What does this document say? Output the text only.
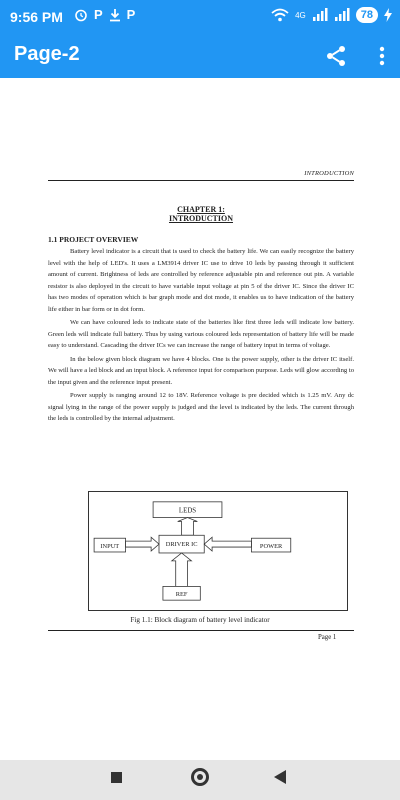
9:56 PM P P	4G	78
Page-2
INTRODUCTION
CHAPTER 1:
INTRODUCTION
1.1 PROJECT OVERVIEW

Battery level indicator is a circuit that is used to check the battery life. We can easily recognize the battery level with the help of LED's. It uses a LM3914 driver IC use to drive 10 leds by passing through it sufficient amount of current. Brightness of leds are controlled by reference adjustable pin and reference out pin. A variable resistor is also deployed in the circuit to have variable input voltage at pin 5 of the driver IC. Since the driver IC has two modes of operation which is bar graph mode and dot mode, it enables us to have indication of the battery life either in bar form or in dot form.

We can have coloured leds to indicate state of the batteries like first three leds will indicate low battery. Green leds will indicate full battery. Thus by using various coloured leds representation of battery life will be made easy to understand. Cascading the driver ICs we can increase the range of battery input in terms of voltage.

In the below given block diagram we have 4 blocks. One is the power supply, other is the driver IC itself. We will have a led block and an input block. A reference input for comparison purpose. Leds will glow according to the input given and the reference input present.

Power supply is ranging around 12 to 18V. Reference voltage is pre decided which is 1.25 mV. Any dc signal lying in the range of the power supply is judged and the level is indicated by the leds. The current through the leds is controlled by the internal adjustment.

LEDS
DRIVER IC
INPUT	POWER
REF
Fig 1.1: Block diagram of battery level indicator
Page 1
